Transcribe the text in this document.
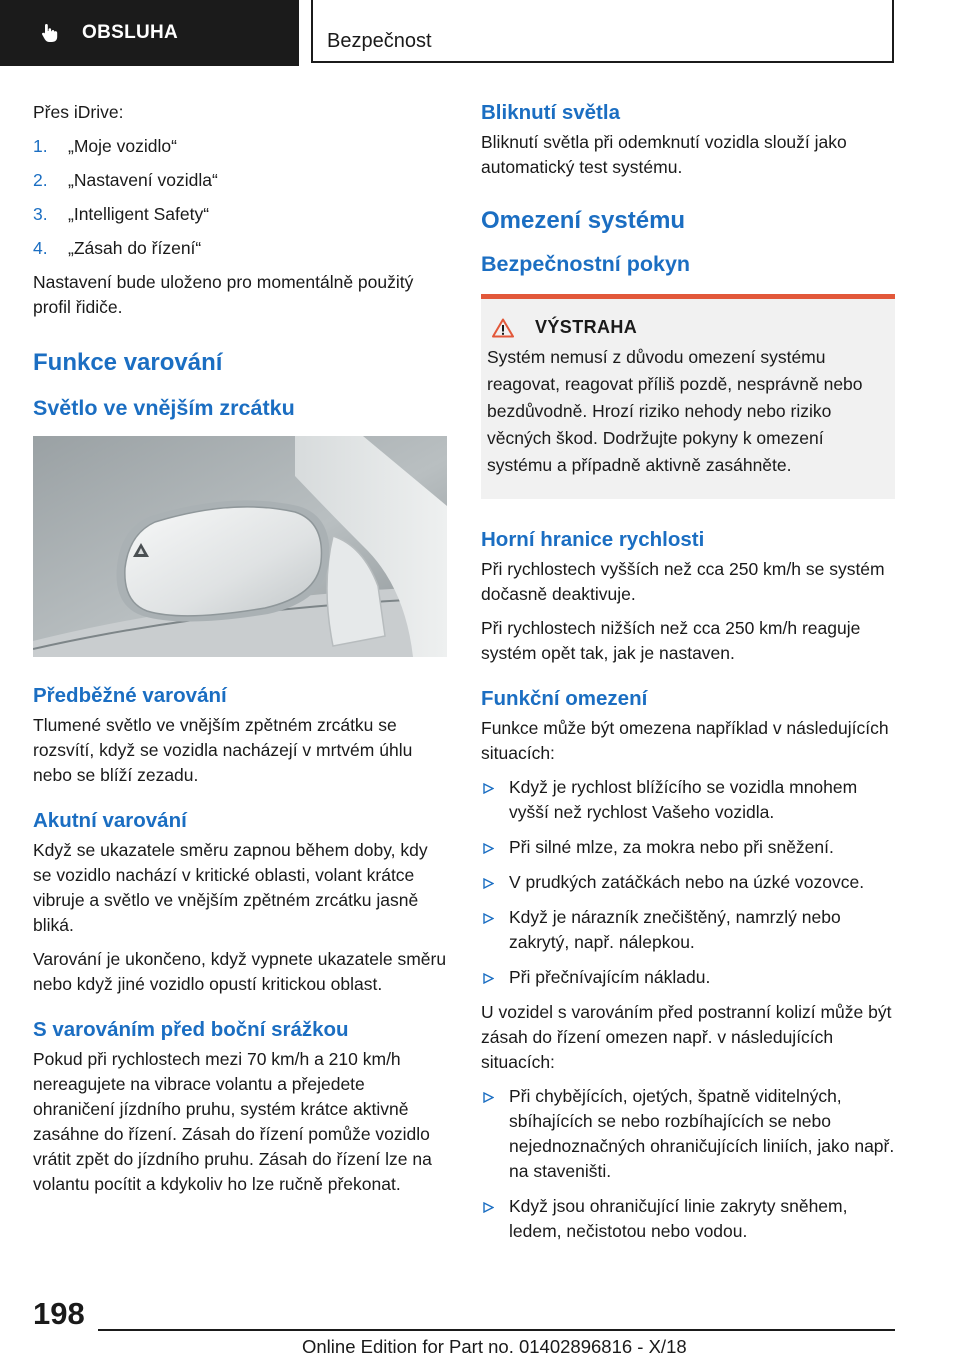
OBSLUHA	Bezpečnost

Přes iDrive:

1. „Moje vozidlo“
2. „Nastavení vozidla“
3. „Intelligent Safety“
4. „Zásah do řízení“

Nastavení bude uloženo pro momentálně použitý profil řidiče.

Funkce varování
Světlo ve vnějším zrcátku
Předběžné varování

Tlumené světlo ve vnějším zpětném zrcátku se rozsvítí, když se vozidla nacházejí v mrtvém úhlu nebo se blíží zezadu.

Akutní varování

Když se ukazatele směru zapnou během doby, kdy se vozidlo nachází v kritické oblasti, volant krátce vibruje a světlo ve vnějším zpětném zrcátku jasně bliká.

Varování je ukončeno, když vypnete ukazatele směru nebo když jiné vozidlo opustí kritickou oblast.

S varováním před boční srážkou

Pokud při rychlostech mezi 70 km/h a 210 km/h nereagujete na vibrace volantu a přejedete ohraničení jízdního pruhu, systém krátce aktivně zasáhne do řízení. Zásah do řízení pomůže vozidlo vrátit zpět do jízdního pruhu. Zásah do řízení lze na volantu pocítit a kdykoliv ho lze ručně překonat.

Bliknutí světla

Bliknutí světla při odemknutí vozidla slouží jako automatický test systému.

Omezení systému
Bezpečnostní pokyn
VÝSTRAHA

Systém nemusí z důvodu omezení systému reagovat, reagovat příliš pozdě, nesprávně nebo bezdůvodně. Hrozí riziko nehody nebo riziko věcných škod. Dodržujte pokyny k omezení systému a případně aktivně zasáhněte.

Horní hranice rychlosti

Při rychlostech vyšších než cca 250 km/h se systém dočasně deaktivuje.

Při rychlostech nižších než cca 250 km/h reaguje systém opět tak, jak je nastaven.

Funkční omezení

Funkce může být omezena například v následujících situacích:

Když je rychlost blížícího se vozidla mnohem vyšší než rychlost Vašeho vozidla.
Při silné mlze, za mokra nebo při sněžení.
V prudkých zatáčkách nebo na úzké vozovce.
Když je nárazník znečištěný, namrzlý nebo zakrytý, např. nálepkou.
Při přečnívajícím nákladu.

U vozidel s varováním před postranní kolizí může být zásah do řízení omezen např. v následujících situacích:

Při chybějících, ojetých, špatně viditelných, sbíhajících se nebo rozbíhajících se nebo nejednoznačných ohraničujících liniích, jako např. na staveništi.
Když jsou ohraničující linie zakryty sněhem, ledem, nečistotou nebo vodou.
198
Online Edition for Part no. 01402896816 - X/18
